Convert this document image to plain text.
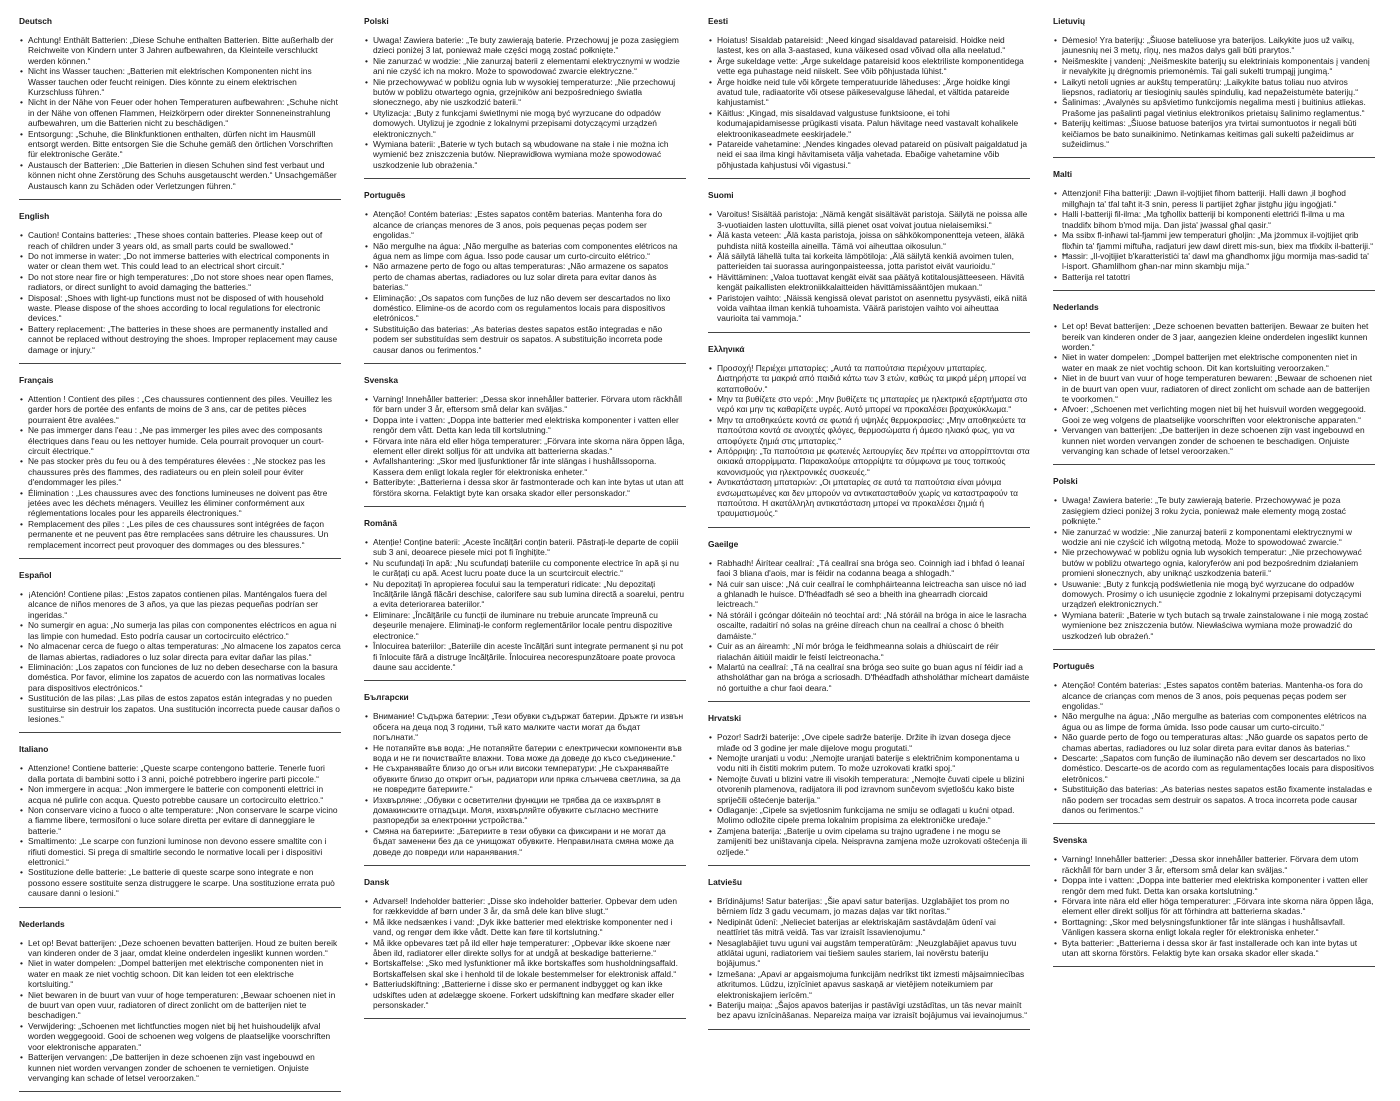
Deutsch
• Achtung! Enthält Batterien: „Diese Schuhe enthalten Batterien. Bitte außerhalb der Reichweite von Kindern unter 3 Jahren aufbewahren, da Kleinteile verschluckt werden können.“
• Nicht ins Wasser tauchen: „Batterien mit elektrischen Komponenten nicht ins Wasser tauchen oder feucht reinigen. Dies könnte zu einem elektrischen Kurzschluss führen.“
• Nicht in der Nähe von Feuer oder hohen Temperaturen aufbewahren: „Schuhe nicht in der Nähe von offenen Flammen, Heizkörpern oder direkter Sonneneinstrahlung aufbewahren, um die Batterien nicht zu beschädigen.“
• Entsorgung: „Schuhe, die Blinkfunktionen enthalten, dürfen nicht im Hausmüll entsorgt werden. Bitte entsorgen Sie die Schuhe gemäß den örtlichen Vorschriften für elektronische Geräte.“
• Austausch der Batterien: „Die Batterien in diesen Schuhen sind fest verbaut und können nicht ohne Zerstörung des Schuhs ausgetauscht werden.“ Unsachgemäßer Austausch kann zu Schäden oder Verletzungen führen.“
English
• Caution! Contains batteries: „These shoes contain batteries. Please keep out of reach of children under 3 years old, as small parts could be swallowed.“
• Do not immerse in water: „Do not immerse batteries with electrical components in water or clean them wet. This could lead to an electrical short circuit.“
• Do not store near fire or high temperatures: „Do not store shoes near open flames, radiators, or direct sunlight to avoid damaging the batteries.“
• Disposal: „Shoes with light-up functions must not be disposed of with household waste. Please dispose of the shoes according to local regulations for electronic devices.“
• Battery replacement: „The batteries in these shoes are permanently installed and cannot be replaced without destroying the shoes. Improper replacement may cause damage or injury.“
Français
• Attention ! Contient des piles : „Ces chaussures contiennent des piles. Veuillez les garder hors de portée des enfants de moins de 3 ans, car de petites pièces pourraient être avalées.“
• Ne pas immerger dans l'eau : „Ne pas immerger les piles avec des composants électriques dans l'eau ou les nettoyer humide. Cela pourrait provoquer un court-circuit électrique.“
• Ne pas stocker près du feu ou à des températures élevées : „Ne stockez pas les chaussures près des flammes, des radiateurs ou en plein soleil pour éviter d'endommager les piles.“
• Élimination : „Les chaussures avec des fonctions lumineuses ne doivent pas être jetées avec les déchets ménagers. Veuillez les éliminer conformément aux réglementations locales pour les appareils électroniques.“
• Remplacement des piles : „Les piles de ces chaussures sont intégrées de façon permanente et ne peuvent pas être remplacées sans détruire les chaussures. Un remplacement incorrect peut provoquer des dommages ou des blessures.“
Español
• ¡Atención! Contiene pilas: „Estos zapatos contienen pilas. Manténgalos fuera del alcance de niños menores de 3 años, ya que las piezas pequeñas podrían ser ingeridas.“
• No sumergir en agua: „No sumerja las pilas con componentes eléctricos en agua ni las limpie con humedad. Esto podría causar un cortocircuito eléctrico.“
• No almacenar cerca de fuego o altas temperaturas: „No almacene los zapatos cerca de llamas abiertas, radiadores o luz solar directa para evitar dañar las pilas.“
• Eliminación: „Los zapatos con funciones de luz no deben desecharse con la basura doméstica. Por favor, elimine los zapatos de acuerdo con las normativas locales para dispositivos electrónicos.“
• Sustitución de las pilas: „Las pilas de estos zapatos están integradas y no pueden sustituirse sin destruir los zapatos. Una sustitución incorrecta puede causar daños o lesiones.“
Italiano
• Attenzione! Contiene batterie: „Queste scarpe contengono batterie. Tenerle fuori dalla portata di bambini sotto i 3 anni, poiché potrebbero ingerire parti piccole.“
• Non immergere in acqua: „Non immergere le batterie con componenti elettrici in acqua né pulirle con acqua. Questo potrebbe causare un cortocircuito elettrico.“
• Non conservare vicino a fuoco o alte temperature: „Non conservare le scarpe vicino a fiamme libere, termosifoni o luce solare diretta per evitare di danneggiare le batterie.“
• Smaltimento: „Le scarpe con funzioni luminose non devono essere smaltite con i rifiuti domestici. Si prega di smaltirle secondo le normative locali per i dispositivi elettronici.“
• Sostituzione delle batterie: „Le batterie di queste scarpe sono integrate e non possono essere sostituite senza distruggere le scarpe. Una sostituzione errata può causare danni o lesioni.“
Nederlands
• Let op! Bevat batterijen: „Deze schoenen bevatten batterijen. Houd ze buiten bereik van kinderen onder de 3 jaar, omdat kleine onderdelen ingeslikt kunnen worden.“
• Niet in water dompelen: „Dompel batterijen met elektrische componenten niet in water en maak ze niet vochtig schoon. Dit kan leiden tot een elektrische kortsluiting.“
• Niet bewaren in de buurt van vuur of hoge temperaturen: „Bewaar schoenen niet in de buurt van open vuur, radiatoren of direct zonlicht om de batterijen niet te beschadigen.“
• Verwijdering: „Schoenen met lichtfuncties mogen niet bij het huishoudelijk afval worden weggegooid. Gooi de schoenen weg volgens de plaatselijke voorschriften voor elektronische apparaten.“
• Batterijen vervangen: „De batterijen in deze schoenen zijn vast ingebouwd en kunnen niet worden vervangen zonder de schoenen te vernietigen. Onjuiste vervanging kan schade of letsel veroorzaken.“
Polski
• Uwaga! Zawiera baterie: „Te buty zawierają baterie. Przechowuj je poza zasięgiem dzieci poniżej 3 lat, ponieważ małe części mogą zostać połknięte.“
• Nie zanurzać w wodzie: „Nie zanurzaj baterii z elementami elektrycznymi w wodzie ani nie czyść ich na mokro. Może to spowodować zwarcie elektryczne.“
• Nie przechowywać w pobliżu ognia lub w wysokiej temperaturze: „Nie przechowuj butów w pobliżu otwartego ognia, grzejników ani bezpośredniego światła słonecznego, aby nie uszkodzić baterii.“
• Utylizacja: „Buty z funkcjami świetlnymi nie mogą być wyrzucane do odpadów domowych. Utylizuj je zgodnie z lokalnymi przepisami dotyczącymi urządzeń elektronicznych.“
• Wymiana baterii: „Baterie w tych butach są wbudowane na stałe i nie można ich wymienić bez zniszczenia butów. Nieprawidłowa wymiana może spowodować uszkodzenie lub obrażenia.“
Português
• Atenção! Contém baterias: „Estes sapatos contêm baterias. Mantenha fora do alcance de crianças menores de 3 anos, pois pequenas peças podem ser engolidas.“
• Não mergulhe na água: „Não mergulhe as baterias com componentes elétricos na água nem as limpe com água. Isso pode causar um curto-circuito elétrico.“
• Não armazene perto de fogo ou altas temperaturas: „Não armazene os sapatos perto de chamas abertas, radiadores ou luz solar direta para evitar danos às baterias.“
• Eliminação: „Os sapatos com funções de luz não devem ser descartados no lixo doméstico. Elimine-os de acordo com os regulamentos locais para dispositivos eletrónicos.“
• Substituição das baterias: „As baterias destes sapatos estão integradas e não podem ser substituídas sem destruir os sapatos. A substituição incorreta pode causar danos ou ferimentos.“
Svenska
• Varning! Innehåller batterier: „Dessa skor innehåller batterier. Förvara utom räckhåll för barn under 3 år, eftersom små delar kan sväljas.“
• Doppa inte i vatten: „Doppa inte batterier med elektriska komponenter i vatten eller rengör dem vått. Detta kan leda till kortslutning.“
• Förvara inte nära eld eller höga temperaturer: „Förvara inte skorna nära öppen låga, element eller direkt solljus för att undvika att batterierna skadas.“
• Avfallshantering: „Skor med ljusfunktioner får inte slängas i hushållssoporna. Kassera dem enligt lokala regler för elektroniska enheter.“
• Batteribyte: „Batterierna i dessa skor är fastmonterade och kan inte bytas ut utan att förstöra skorna. Felaktigt byte kan orsaka skador eller personskador.“
Română
• Atenție! Conține baterii: „Aceste încălțări conțin baterii. Păstrați-le departe de copiii sub 3 ani, deoarece piesele mici pot fi înghițite.“
• Nu scufundați în apă: „Nu scufundați bateriile cu componente electrice în apă și nu le curățați cu apă. Acest lucru poate duce la un scurtcircuit electric.“
• Nu depozitați în apropierea focului sau la temperaturi ridicate: „Nu depozitați încălțările lângă flăcări deschise, calorifere sau sub lumina directă a soarelui, pentru a evita deteriorarea bateriilor.“
• Eliminare: „Încălțările cu funcții de iluminare nu trebuie aruncate împreună cu deșeurile menajere. Eliminați-le conform reglementărilor locale pentru dispozitive electronice.“
• Înlocuirea bateriilor: „Bateriile din aceste încălțări sunt integrate permanent și nu pot fi înlocuite fără a distruge încălțările. Înlocuirea necorespunzătoare poate provoca daune sau accidente.“
Български
• Внимание! Съдържа батерии: „Тези обувки съдържат батерии. Дръжте ги извън обсега на деца под 3 години, тъй като малките части могат да бъдат погълнати.“
• Не потапяйте във вода: „Не потапяйте батерии с електрически компоненти във вода и не ги почиствайте влажни. Това може да доведе до късо съединение.“
• Не съхранявайте близо до огън или високи температури: „Не съхранявайте обувките близо до открит огън, радиатори или пряка слънчева светлина, за да не повредите батериите.“
• Изхвърляне: „Обувки с осветителни функции не трябва да се изхвърлят в домакинските отпадъци. Моля, изхвърляйте обувките съгласно местните разпоредби за електронни устройства.“
• Смяна на батериите: „Батериите в тези обувки са фиксирани и не могат да бъдат заменени без да се унищожат обувките. Неправилната смяна може да доведе до повреди или наранявания.“
Dansk
• Advarsel! Indeholder batterier: „Disse sko indeholder batterier. Opbevar dem uden for rækkevidde af børn under 3 år, da små dele kan blive slugt.“
• Må ikke nedsænkes i vand: „Dyk ikke batterier med elektriske komponenter ned i vand, og rengør dem ikke vådt. Dette kan føre til kortslutning.“
• Må ikke opbevares tæt på ild eller høje temperaturer: „Opbevar ikke skoene nær åben ild, radiatorer eller direkte sollys for at undgå at beskadige batterierne.“
• Bortskaffelse: „Sko med lysfunktioner må ikke bortskaffes som husholdningsaffald. Bortskaffelsen skal ske i henhold til de lokale bestemmelser for elektronisk affald.“
• Batteriudskiftning: „Batterierne i disse sko er permanent indbygget og kan ikke udskiftes uden at ødelægge skoene. Forkert udskiftning kan medføre skader eller personskader.“
Eesti
• Hoiatus! Sisaldab patareisid: „Need kingad sisaldavad patareisid. Hoidke neid lastest, kes on alla 3-aastased, kuna väikesed osad võivad olla alla neelatud.“
• Ärge sukeldage vette: „Ärge sukeldage patareisid koos elektriliste komponentidega vette ega puhastage neid niiskelt. See võib põhjustada lühist.“
• Ärge hoidke neid tule või kõrgete temperatuuride läheduses: „Ärge hoidke kingi avatud tule, radiaatorite või otsese päikesevalguse lähedal, et vältida patareide kahjustamist.“
• Käitlus: „Kingad, mis sisaldavad valgustuse funktsioone, ei tohi kodumajapidamisesse prügikasti visata. Palun hävitage need vastavalt kohalikele elektroonikaseadmete eeskirjadele.“
• Patareide vahetamine: „Nendes kingades olevad patareid on püsivalt paigaldatud ja neid ei saa ilma kingi hävitamiseta välja vahetada. Ebaõige vahetamine võib põhjustada kahjustusi või vigastusi.“
Suomi
• Varoitus! Sisältää paristoja: „Nämä kengät sisältävät paristoja. Säilytä ne poissa alle 3-vuotiaiden lasten ulottuvilta, sillä pienet osat voivat joutua nielaisemiksi.“
• Älä kasta veteen: „Älä kasta paristoja, joissa on sähkökomponentteja veteen, äläkä puhdista niitä kosteilla aineilla. Tämä voi aiheuttaa oikosulun.“
• Älä säilytä lähellä tulta tai korkeita lämpötiloja: „Älä säilytä kenkiä avoimen tulen, patterieiden tai suorassa auringonpaisteessa, jotta paristot eivät vaurioidu.“
• Hävittäminen: „Valoa tuottavat kengät eivät saa päätyä kotitalousjätteeseen. Hävitä kengät paikallisten elektroniikkalaitteiden hävittämissääntöjen mukaan.“
• Paristojen vaihto: „Näissä kengissä olevat paristot on asennettu pysyvästi, eikä niitä voida vaihtaa ilman kenkiä tuhoamista. Väärä paristojen vaihto voi aiheuttaa vaurioita tai vammoja.“
Ελληνικά
• Προσοχή! Περιέχει μπαταρίες: „Αυτά τα παπούτσια περιέχουν μπαταρίες. Διατηρήστε τα μακριά από παιδιά κάτω των 3 ετών, καθώς τα μικρά μέρη μπορεί να καταποθούν.“
• Μην τα βυθίζετε στο νερό: „Μην βυθίζετε τις μπαταρίες με ηλεκτρικά εξαρτήματα στο νερό και μην τις καθαρίζετε υγρές. Αυτό μπορεί να προκαλέσει βραχυκύκλωμα.“
• Μην τα αποθηκεύετε κοντά σε φωτιά ή υψηλές θερμοκρασίες: „Μην αποθηκεύετε τα παπούτσια κοντά σε ανοιχτές φλόγες, θερμοσώματα ή άμεσο ηλιακό φως, για να αποφύγετε ζημιά στις μπαταρίες.“
• Απόρριψη: „Τα παπούτσια με φωτεινές λειτουργίες δεν πρέπει να απορρίπτονται στα οικιακά απορρίμματα. Παρακαλούμε απορρίψτε τα σύμφωνα με τους τοπικούς κανονισμούς για ηλεκτρονικές συσκευές.“
• Αντικατάσταση μπαταριών: „Οι μπαταρίες σε αυτά τα παπούτσια είναι μόνιμα ενσωματωμένες και δεν μπορούν να αντικατασταθούν χωρίς να καταστραφούν τα παπούτσια. Η ακατάλληλη αντικατάσταση μπορεί να προκαλέσει ζημιά ή τραυματισμούς.“
Gaeilge
• Rabhadh! Áirítear ceallraí: „Tá ceallraí sna bróga seo. Coinnigh iad i bhfad ó leanaí faoi 3 bliana d'aois, mar is féidir na codanna beaga a shlogadh.“
• Ná cuir san uisce: „Ná cuir ceallraí le comhpháirteanna leictreacha san uisce nó iad a ghlanadh le huisce. D'fhéadfadh sé seo a bheith ina ghearradh ciorcaid leictreach.“
• Ná stóráil i gcóngar dóiteáin nó teochtaí ard: „Ná stóráil na bróga in aice le lasracha oscailte, radaitirí nó solas na gréine díreach chun na ceallraí a chosc ó bheith damáiste.“
• Cuir as an áireamh: „Ní mór bróga le feidhmeanna solais a dhiúscairt de réir rialachán áitiúil maidir le feistí leictreonacha.“
• Malartú na ceallraí: „Tá na ceallraí sna bróga seo suite go buan agus ní féidir iad a athsholáthar gan na bróga a scriosadh. D'fhéadfadh athsholáthar mícheart damáiste nó gortuithe a chur faoi deara.“
Hrvatski
• Pozor! Sadrži baterije: „Ove cipele sadrže baterije. Držite ih izvan dosega djece mlađe od 3 godine jer male dijelove mogu progutati.“
• Nemojte uranjati u vodu: „Nemojte uranjati baterije s električnim komponentama u vodu niti ih čistiti mokrim putem. To može uzrokovati kratki spoj.“
• Nemojte čuvati u blizini vatre ili visokih temperatura: „Nemojte čuvati cipele u blizini otvorenih plamenova, radijatora ili pod izravnom sunčevom svjetlošću kako biste spriječili oštećenje baterija.“
• Odlaganje: „Cipele sa svjetlosnim funkcijama ne smiju se odlagati u kućni otpad. Molimo odložite cipele prema lokalnim propisima za elektroničke uređaje.“
• Zamjena baterija: „Baterije u ovim cipelama su trajno ugrađene i ne mogu se zamijeniti bez uništavanja cipela. Neispravna zamjena može uzrokovati oštećenja ili ozljede.“
Latviešu
• Brīdinājums! Satur baterijas: „Šie apavi satur baterijas. Uzglabājiet tos prom no bērniem līdz 3 gadu vecumam, jo mazas daļas var tikt norītas.“
• Nedipināt ūdenī: „Nelieciet baterijas ar elektriskajām sastāvdaļām ūdenī vai neattīriet tās mitrā veidā. Tas var izraisīt īssavienojumu.“
• Nesaglabājiet tuvu uguni vai augstām temperatūrām: „Neuzglabājiet apavus tuvu atklātai uguni, radiatoriem vai tiešiem saules stariem, lai novērstu bateriju bojājumus.“
• Izmešana: „Apavi ar apgaismojuma funkcijām nedrīkst tikt izmesti mājsaimniecības atkritumos. Lūdzu, izņīcīniet apavus saskaņā ar vietējiem noteikumiem par elektroniskajiem ierīcēm.“
• Bateriju maiņa: „Šajos apavos baterijas ir pastāvīgi uzstādītas, un tās nevar mainīt bez apavu iznīcināšanas. Nepareiza maiņa var izraisīt bojājumus vai ievainojumus.“
Lietuvių
• Dėmesio! Yra baterijų: „Šiuose bateliuose yra baterijos. Laikykite juos už vaikų, jaunesnių nei 3 metų, rīņų, nes mažos dalys gali būti prarytos.“
• Neišmeskite į vandenį: „Neišmeskite baterijų su elektriniais komponentais į vandenį ir nevalykite jų drėgnomis priemonėmis. Tai gali sukelti trumpąjį jungimą.“
• Laikyti netoli ugnies ar aukštų temperatūrų: „Laikykite batus toliau nuo atviros liepsnos, radiatorių ar tiesioginių saulės spindulių, kad nepažeistumėte baterijų.“
• Šalinimas: „Avalynės su apšvietimo funkcijomis negalima mesti į buitinius atliekas. Prašome jas pašalinti pagal vietinius elektronikos prietaisų šalinimo reglamentus.“
• Baterijų keitimas: „Šiuose batuose baterijos yra tvirtai sumontuotos ir negali būti keičiamos be bato sunaikinimo. Netinkamas keitimas gali sukelti pažeidimus ar sužeidimus.“
Malti
• Attenzjoni! Fiha batteriji: „Dawn il-vojtijiet fihom batteriji. Halli dawn ‚il bogħod millgħajn ta' tfal taħt it-3 snin, peress li partijiet żgħar jistgħu jiġu ingoġjati.“
• Halli l-batteriji fil-ilma: „Ma tgħollix batteriji bi komponenti elettrići fl-ilma u ma tnaddifx bihom b'mod mija. Dan jista' jwassal għal qasir.“
• Ma ssibx fl-inħawi tal-fjammi jew temperaturi għoljin: „Ma jżommux il-vojtijiet qrib flixħin ta' fjammi miftuħa, radjaturi jew dawl dirett mis-sun, biex ma tfixkilx il-batteriji.“
• Ħassir: „Il-vojtijiet b'karatteristiċi ta' dawl ma għandhomx jiġu mormija mas-sadid ta' l-isport. Għamlilhom għan-nar minn skambju mija.“
• Batterija rel tatottri
Nederlands
• Let op! Bevat batterijen: „Deze schoenen bevatten batterijen. Bewaar ze buiten het bereik van kinderen onder de 3 jaar, aangezien kleine onderdelen ingeslikt kunnen worden.“
• Niet in water dompelen: „Dompel batterijen met elektrische componenten niet in water en maak ze niet vochtig schoon. Dit kan kortsluiting veroorzaken.“
• Niet in de buurt van vuur of hoge temperaturen bewaren: „Bewaar de schoenen niet in de buurt van open vuur, radiatoren of direct zonlicht om schade aan de batterijen te voorkomen.“
• Afvoer: „Schoenen met verlichting mogen niet bij het huisvuil worden weggegooid. Gooi ze weg volgens de plaatselijke voorschriften voor elektronische apparaten.“
• Vervangen van batterijen: „De batterijen in deze schoenen zijn vast ingebouwd en kunnen niet worden vervangen zonder de schoenen te beschadigen. Onjuiste vervanging kan schade of letsel veroorzaken.“
Polski
• Uwaga! Zawiera baterie: „Te buty zawierają baterie. Przechowywać je poza zasięgiem dzieci poniżej 3 roku życia, ponieważ małe elementy mogą zostać połknięte.“
• Nie zanurzać w wodzie: „Nie zanurzaj baterii z komponentami elektrycznymi w wodzie ani nie czyścić ich wilgotną metodą. Może to spowodować zwarcie.“
• Nie przechowywać w pobliżu ognia lub wysokich temperatur: „Nie przechowywać butów w pobliżu otwartego ognia, kaloryferów ani pod bezpośrednim działaniem promieni słonecznych, aby uniknąć uszkodzenia baterii.“
• Usuwanie: „Buty z funkcją podświetlenia nie mogą być wyrzucane do odpadów domowych. Prosimy o ich usunięcie zgodnie z lokalnymi przepisami dotyczącymi urządzeń elektronicznych.“
• Wymiana baterii: „Baterie w tych butach są trwale zainstalowane i nie mogą zostać wymienione bez zniszczenia butów. Niewłaściwa wymiana może prowadzić do uszkodzeń lub obrażeń.“
Português
• Atenção! Contém baterias: „Estes sapatos contêm baterias. Mantenha-os fora do alcance de crianças com menos de 3 anos, pois pequenas peças podem ser engolidas.“
• Não mergulhe na água: „Não mergulhe as baterias com componentes elétricos na água ou as limpe de forma úmida. Isso pode causar um curto-circuito.“
• Não guarde perto de fogo ou temperaturas altas: „Não guarde os sapatos perto de chamas abertas, radiadores ou luz solar direta para evitar danos às baterias.“
• Descarte: „Sapatos com função de iluminação não devem ser descartados no lixo doméstico. Descarte-os de acordo com as regulamentações locais para dispositivos eletrônicos.“
• Substituição das baterias: „As baterias nestes sapatos estão fixamente instaladas e não podem ser trocadas sem destruir os sapatos. A troca incorreta pode causar danos ou ferimentos.“
Svenska
• Varning! Innehåller batterier: „Dessa skor innehåller batterier. Förvara dem utom räckhåll för barn under 3 år, eftersom små delar kan sväljas.“
• Doppa inte i vatten: „Doppa inte batterier med elektriska komponenter i vatten eller rengör dem med fukt. Detta kan orsaka kortslutning.“
• Förvara inte nära eld eller höga temperaturer: „Förvara inte skorna nära öppen låga, element eller direkt solljus för att förhindra att batterierna skadas.“
• Borttagning: „Skor med belysningsfunktioner får inte slängas i hushållsavfall. Vänligen kassera skorna enligt lokala regler för elektroniska enheter.“
• Byta batterier: „Batterierna i dessa skor är fast installerade och kan inte bytas ut utan att skorna förstörs. Felaktig byte kan orsaka skador eller skada.“
